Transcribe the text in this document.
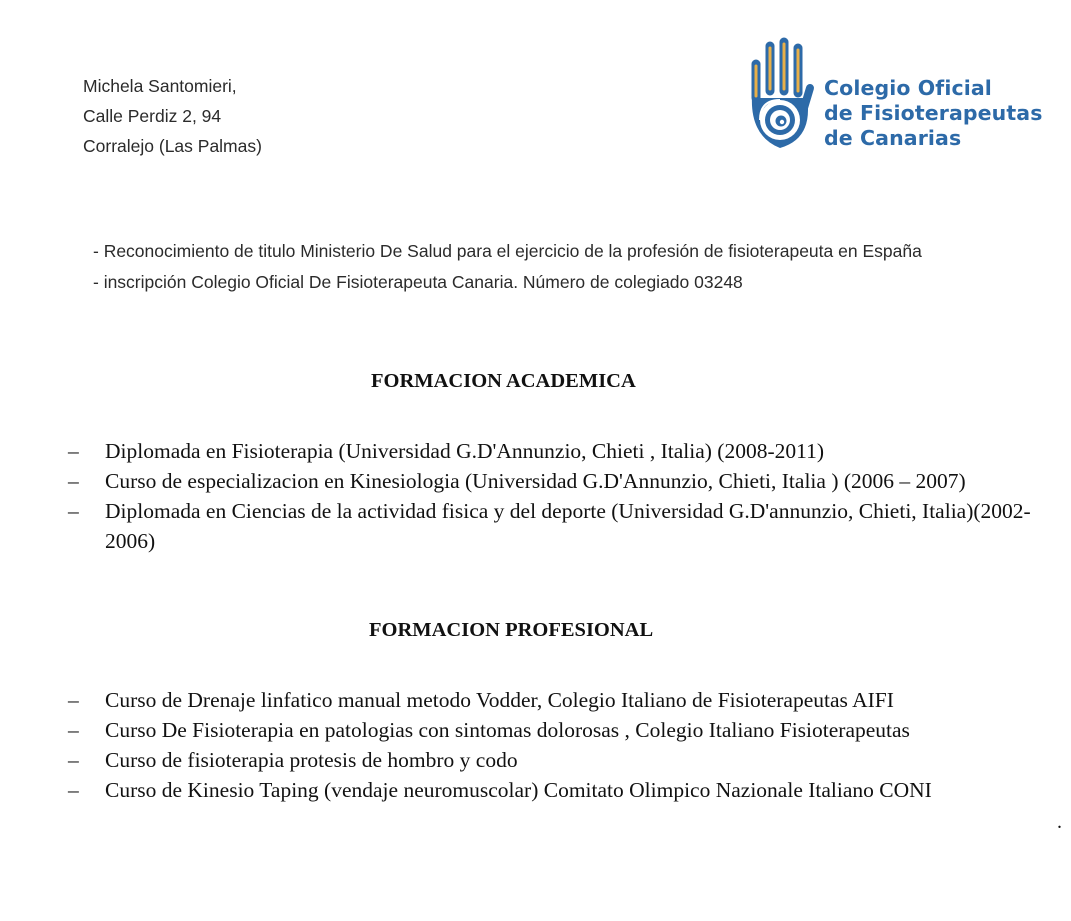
Michela Santomieri,
Calle Perdiz 2, 94
Corralejo (Las Palmas)
Colegio Oficial
de Fisioterapeutas
de Canarias

- Reconocimiento de titulo Ministerio De Salud para el ejercicio de la profesión de fisioterapeuta en España

- inscripción Colegio Oficial De Fisioterapeuta Canaria. Número de colegiado 03248

FORMACION ACADEMICA
– Diplomada en Fisioterapia (Universidad G.D'Annunzio, Chieti , Italia) (2008-2011)
– Curso de especializacion en Kinesiologia (Universidad G.D'Annunzio, Chieti, Italia ) (2006 – 2007)
– Diplomada en Ciencias de la actividad fisica y del deporte (Universidad G.D'annunzio, Chieti, Italia)(2002-2006)
FORMACION PROFESIONAL
– Curso de Drenaje linfatico manual metodo Vodder, Colegio Italiano de Fisioterapeutas AIFI
– Curso De Fisioterapia en patologias con sintomas dolorosas , Colegio Italiano Fisioterapeutas
– Curso de fisioterapia protesis de hombro y codo
– Curso de Kinesio Taping (vendaje neuromuscolar) Comitato Olimpico Nazionale Italiano CONI
.
